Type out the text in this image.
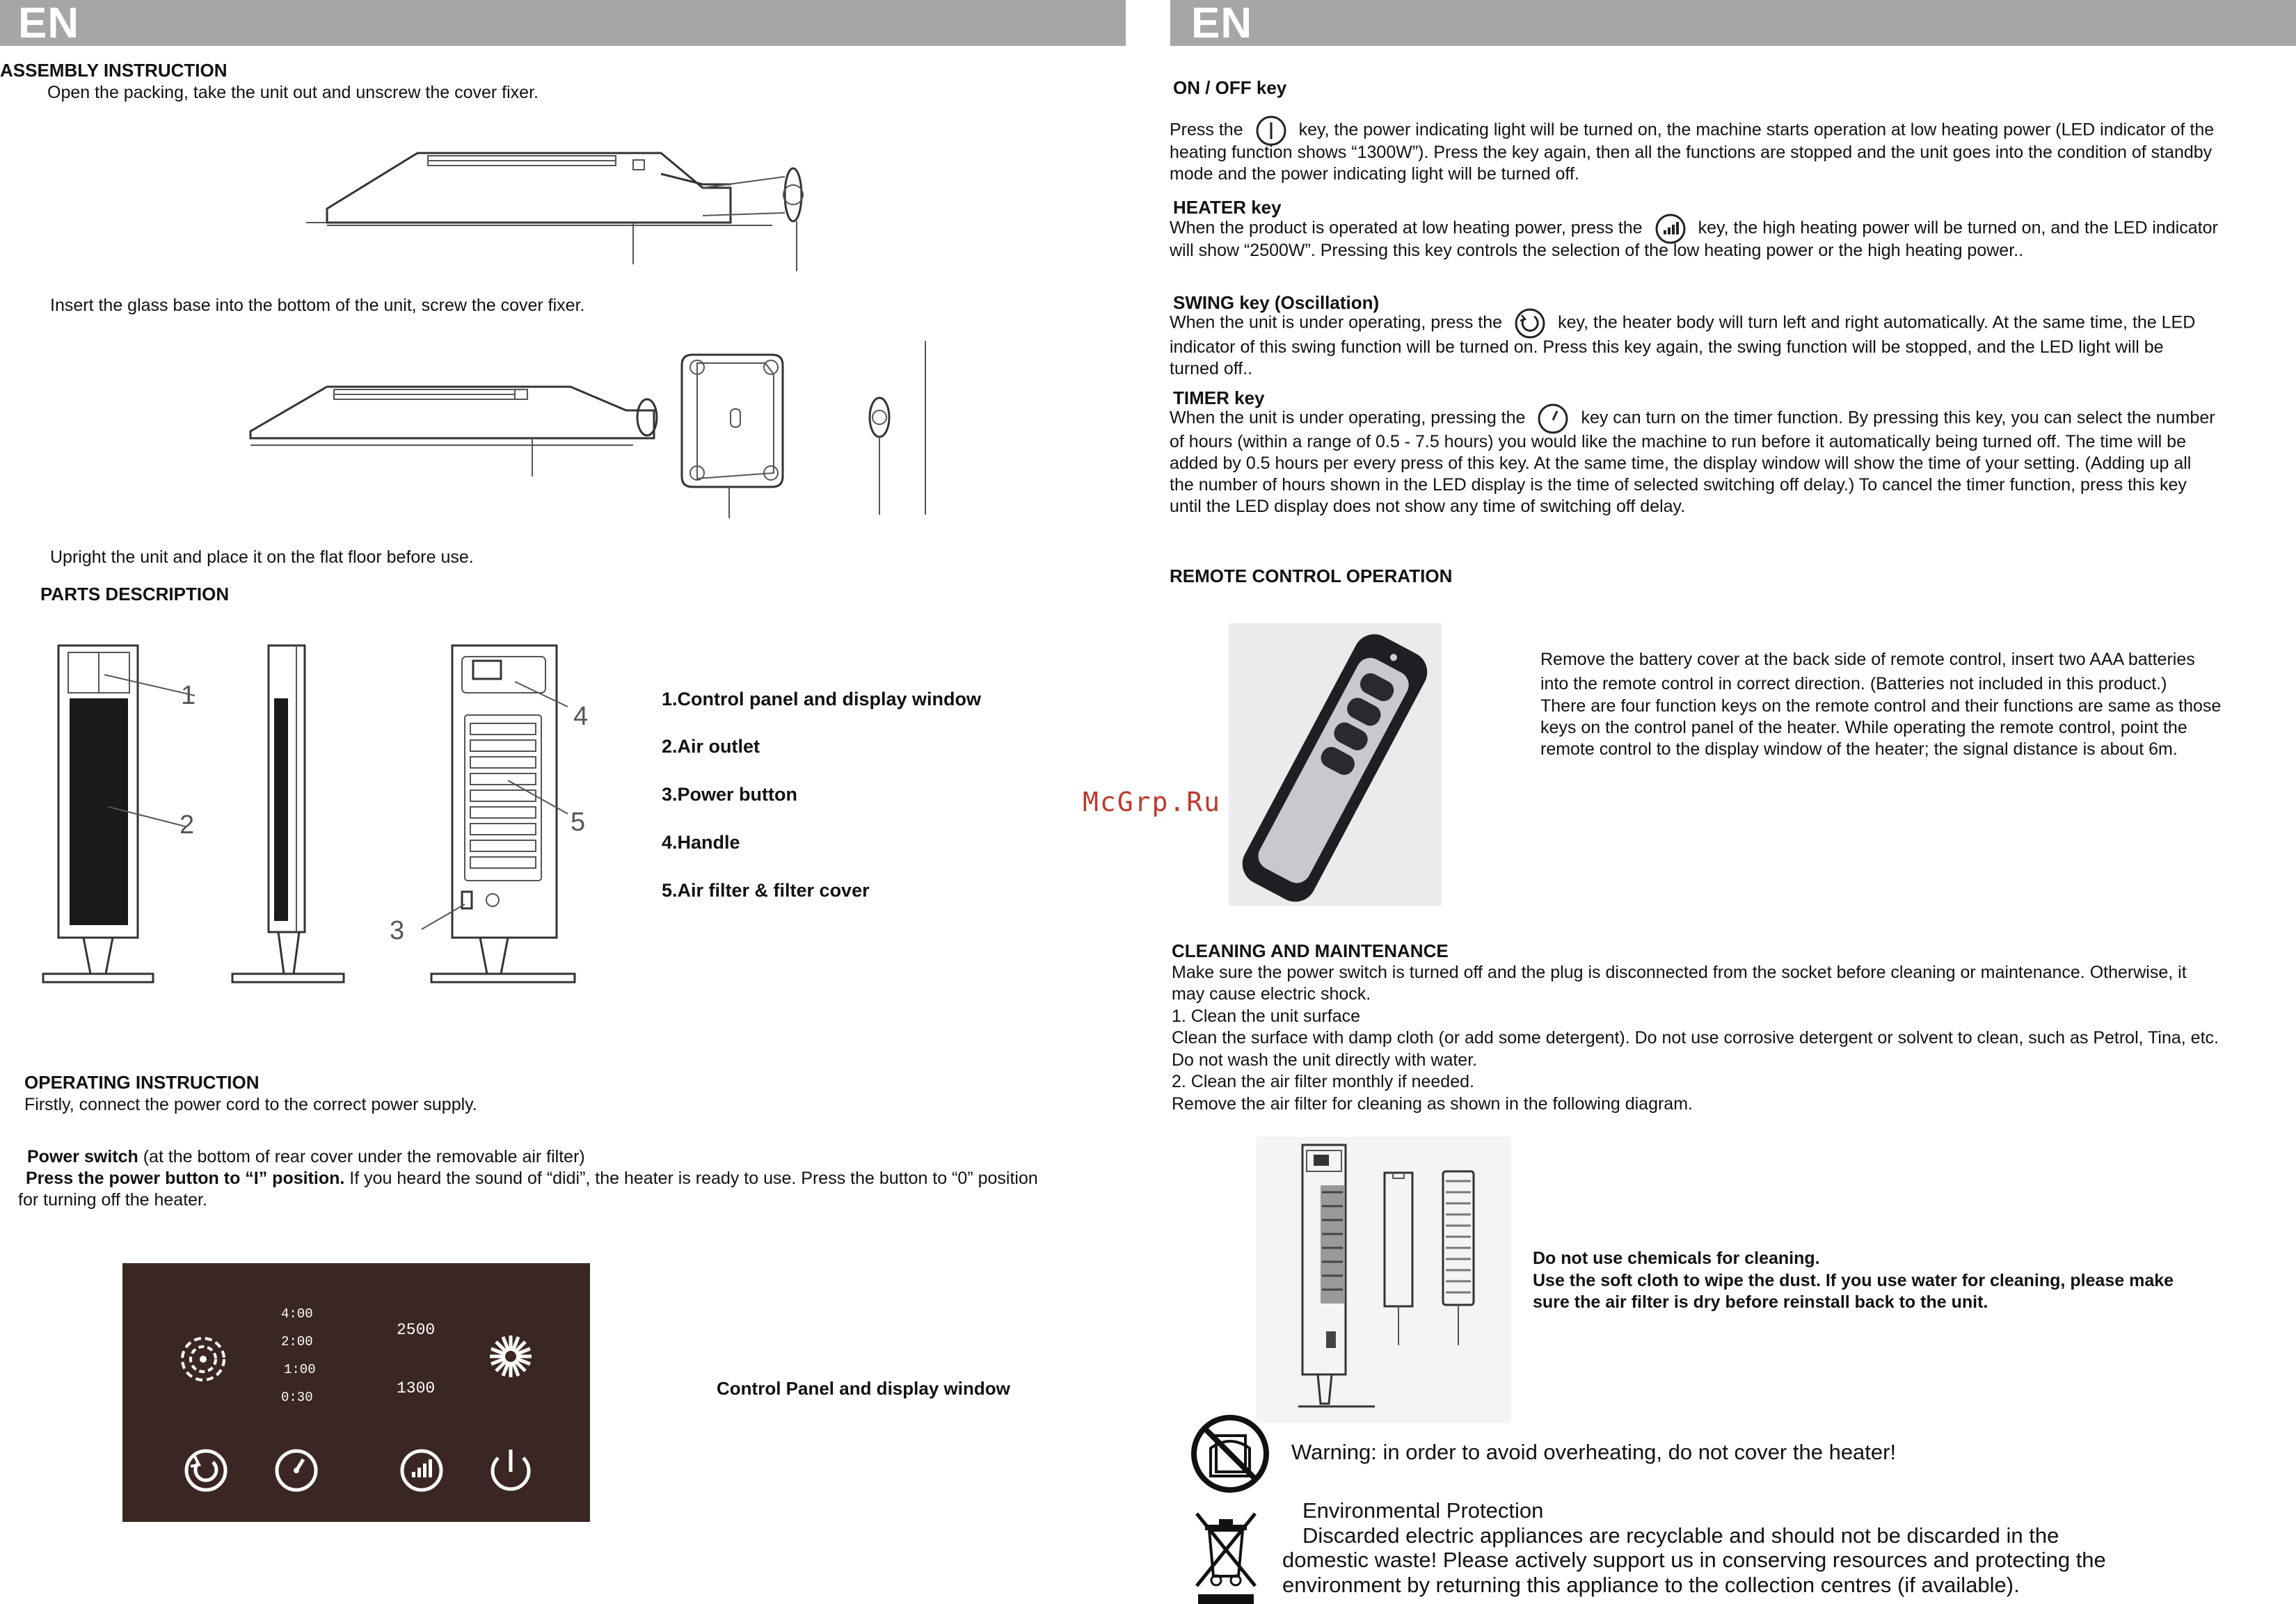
EN
ASSEMBLY INSTRUCTION
Open the packing, take the unit out and unscrew the cover fixer.
Insert the glass base into the bottom of the unit, screw the cover fixer.
Upright the unit and place it on the flat floor before use.
PARTS DESCRIPTION
1
2
3
4
5
1.Control panel and display window
2.Air outlet
3.Power button
4.Handle
5.Air filter & filter cover
OPERATING INSTRUCTION
Firstly, connect the power cord to the correct power supply.
Power switch (at the bottom of rear cover under the removable air filter)
Press the power button to “I” position. If you heard the sound of “didi”, the heater is ready to use. Press the button to “0” position
for turning off the heater.
4:00
2:00
1:00
0:30
2500
1300	Control Panel and display window
McGrp.Ru
EN
ON / OFF key
Press the	key, the power indicating light will be turned on, the machine starts operation at low heating power (LED indicator of the
heating function shows “1300W”). Press the key again, then all the functions are stopped and the unit goes into the condition of standby
mode and the power indicating light will be turned off.
HEATER key
When the product is operated at low heating power, press the	key, the high heating power will be turned on, and the LED indicator
will show “2500W”. Pressing this key controls the selection of the low heating power or the high heating power..
SWING key (Oscillation)
When the unit is under operating, press the	key, the heater body will turn left and right automatically. At the same time, the LED
indicator of this swing function will be turned on. Press this key again, the swing function will be stopped, and the LED light will be
turned off..
TIMER key
When the unit is under operating, pressing the	key can turn on the timer function. By pressing this key, you can select the number
of hours (within a range of 0.5 - 7.5 hours) you would like the machine to run before it automatically being turned off. The time will be
added by 0.5 hours per every press of this key. At the same time, the display window will show the time of your setting. (Adding up all
the number of hours shown in the LED display is the time of selected switching off delay.) To cancel the timer function, press this key
until the LED display does not show any time of switching off delay.
REMOTE CONTROL OPERATION
Remove the battery cover at the back side of remote control, insert two AAA batteries
into the remote control in correct direction. (Batteries not included in this product.)
There are four function keys on the remote control and their functions are same as those
keys on the control panel of the heater. While operating the remote control, point the
remote control to the display window of the heater; the signal distance is about 6m.
CLEANING AND MAINTENANCE
Make sure the power switch is turned off and the plug is disconnected from the socket before cleaning or maintenance. Otherwise, it
may cause electric shock.
1. Clean the unit surface
Clean the surface with damp cloth (or add some detergent). Do not use corrosive detergent or solvent to clean, such as Petrol, Tina, etc.
Do not wash the unit directly with water.
2. Clean the air filter monthly if needed.
Remove the air filter for cleaning as shown in the following diagram.
Do not use chemicals for cleaning.
Use the soft cloth to wipe the dust. If you use water for cleaning, please make
sure the air filter is dry before reinstall back to the unit.
Warning: in order to avoid overheating, do not cover the heater!
Environmental Protection
Discarded electric appliances are recyclable and should not be discarded in the
domestic waste! Please actively support us in conserving resources and protecting the
environment by returning this appliance to the collection centres (if available).
